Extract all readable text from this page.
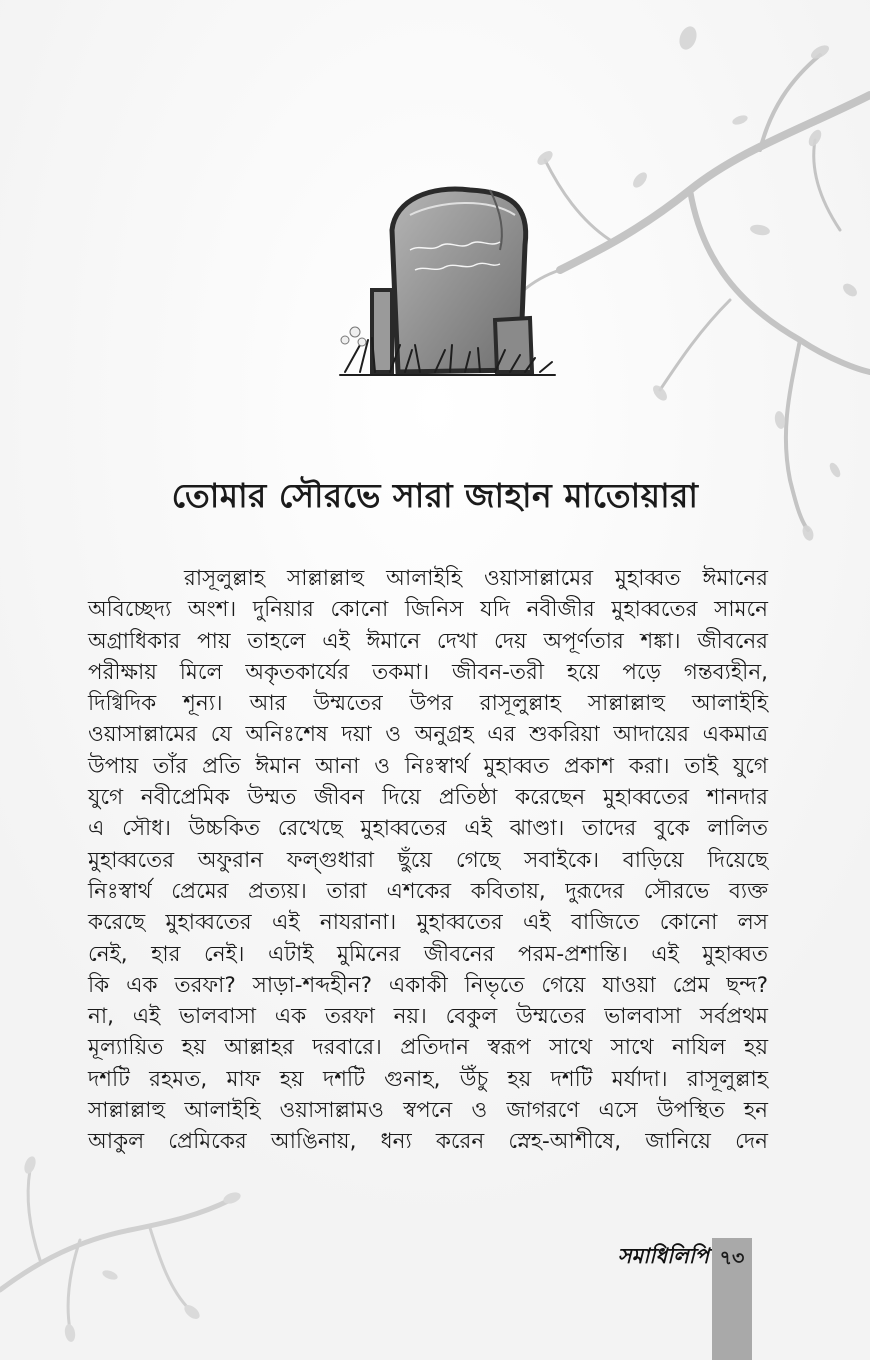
তোমার সৌরভে সারা জাহান মাতোয়ারা
রাসূলুল্লাহ সাল্লাল্লাহু আলাইহি ওয়াসাল্লামের মুহাব্বত ঈমানের
অবিচ্ছেদ্য অংশ। দুনিয়ার কোনো জিনিস যদি নবীজীর মুহাব্বতের সামনে
অগ্রাধিকার পায় তাহলে এই ঈমানে দেখা দেয় অপূর্ণতার শঙ্কা। জীবনের
পরীক্ষায় মিলে অকৃতকার্যের তকমা। জীবন-তরী হয়ে পড়ে গন্তব্যহীন,
দিগ্বিদিক শূন্য। আর উম্মতের উপর রাসূলুল্লাহ সাল্লাল্লাহু আলাইহি
ওয়াসাল্লামের যে অনিঃশেষ দয়া ও অনুগ্রহ এর শুকরিয়া আদায়ের একমাত্র
উপায় তাঁর প্রতি ঈমান আনা ও নিঃস্বার্থ মুহাব্বত প্রকাশ করা। তাই যুগে
যুগে নবীপ্রেমিক উম্মত জীবন দিয়ে প্রতিষ্ঠা করেছেন মুহাব্বতের শানদার
এ সৌধ। উচ্চকিত রেখেছে মুহাব্বতের এই ঝাণ্ডা। তাদের বুকে লালিত
মুহাব্বতের অফুরান ফল্গুধারা ছুঁয়ে গেছে সবাইকে। বাড়িয়ে দিয়েছে
নিঃস্বার্থ প্রেমের প্রত্যয়। তারা এশকের কবিতায়, দুরূদের সৌরভে ব্যক্ত
করেছে মুহাব্বতের এই নাযরানা। মুহাব্বতের এই বাজিতে কোনো লস
নেই, হার নেই। এটাই মুমিনের জীবনের পরম-প্রশান্তি। এই মুহাব্বত
কি এক তরফা? সাড়া-শব্দহীন? একাকী নিভৃতে গেয়ে যাওয়া প্রেম ছন্দ?
না, এই ভালবাসা এক তরফা নয়। বেকুল উম্মতের ভালবাসা সর্বপ্রথম
মূল্যায়িত হয় আল্লাহর দরবারে। প্রতিদান স্বরূপ সাথে সাথে নাযিল হয়
দশটি রহমত, মাফ হয় দশটি গুনাহ, উঁচু হয় দশটি মর্যাদা। রাসূলুল্লাহ
সাল্লাল্লাহু আলাইহি ওয়াসাল্লামও স্বপনে ও জাগরণে এসে উপস্থিত হন
আকুল প্রেমিকের আঙিনায়, ধন্য করেন স্নেহ-আশীষে, জানিয়ে দেন
সমাধিলিপি ৭৩
